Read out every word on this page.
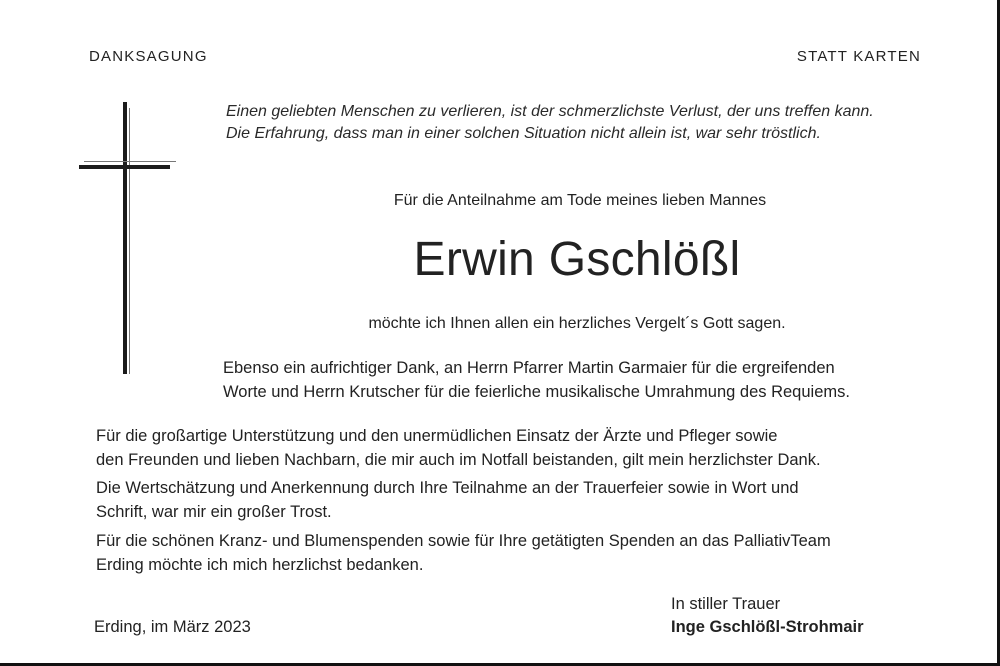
DANKSAGUNG	STATT KARTEN
Einen geliebten Menschen zu verlieren, ist der schmerzlichste Verlust, der uns treffen kann.
Die Erfahrung, dass man in einer solchen Situation nicht allein ist, war sehr tröstlich.
Für die Anteilnahme am Tode meines lieben Mannes
Erwin Gschlößl
möchte ich Ihnen allen ein herzliches Vergelt´s Gott sagen.
Ebenso ein aufrichtiger Dank, an Herrn Pfarrer Martin Garmaier für die ergreifenden
Worte und Herrn Krutscher für die feierliche musikalische Umrahmung des Requiems.
Für die großartige Unterstützung und den unermüdlichen Einsatz der Ärzte und Pfleger sowie
den Freunden und lieben Nachbarn, die mir auch im Notfall beistanden, gilt mein herzlichster Dank.
Die Wertschätzung und Anerkennung durch Ihre Teilnahme an der Trauerfeier sowie in Wort und
Schrift, war mir ein großer Trost.
Für die schönen Kranz- und Blumenspenden sowie für Ihre getätigten Spenden an das PalliativTeam
Erding möchte ich mich herzlichst bedanken.
Erding, im März 2023
In stiller Trauer
Inge Gschlößl-Strohmair
